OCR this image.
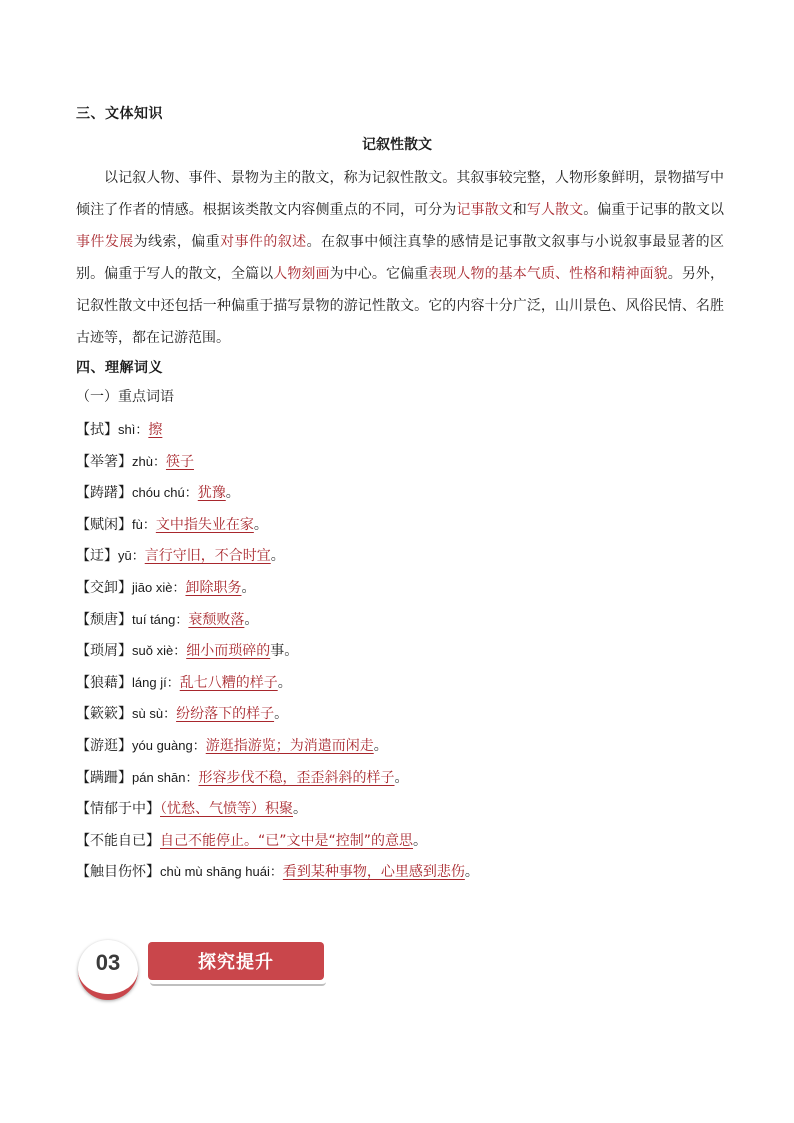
三、文体知识
记叙性散文
以记叙人物、事件、景物为主的散文，称为记叙性散文。其叙事较完整，人物形象鲜明，景物描写中倾注了作者的情感。根据该类散文内容侧重点的不同，可分为记事散文和写人散文。偏重于记事的散文以事件发展为线索，偏重对事件的叙述。在叙事中倾注真挚的感情是记事散文叙事与小说叙事最显著的区别。偏重于写人的散文，全篇以人物刻画为中心。它偏重表现人物的基本气质、性格和精神面貌。另外，记叙性散文中还包括一种偏重于描写景物的游记性散文。它的内容十分广泛，山川景色、风俗民情、名胜古迹等，都在记游范围。
四、理解词义
（一）重点词语
【拭】shì：擦
【举箸】zhù：筷子
【踌躇】chóu chú：犹豫。
【赋闲】fù：文中指失业在家。
【迂】yū：言行守旧，不合时宜。
【交卸】jiāo xiè：卸除职务。
【颓唐】tuí táng：衰颓败落。
【琐屑】suǒ xiè：细小而琐碎的事。
【狼藉】láng jí：乱七八糟的样子。
【簌簌】sù sù：纷纷落下的样子。
【游逛】yóu guàng：游逛指游览；为消遣而闲走。
【蹒跚】pán shān：形容步伐不稳，歪歪斜斜的样子。
【情郁于中】（忧愁、气愤等）积聚。
【不能自已】自己不能停止。“已”文中是“控制”的意思。
【触目伤怀】chù mù shāng huái：看到某种事物，心里感到悲伤。
03	探究提升
